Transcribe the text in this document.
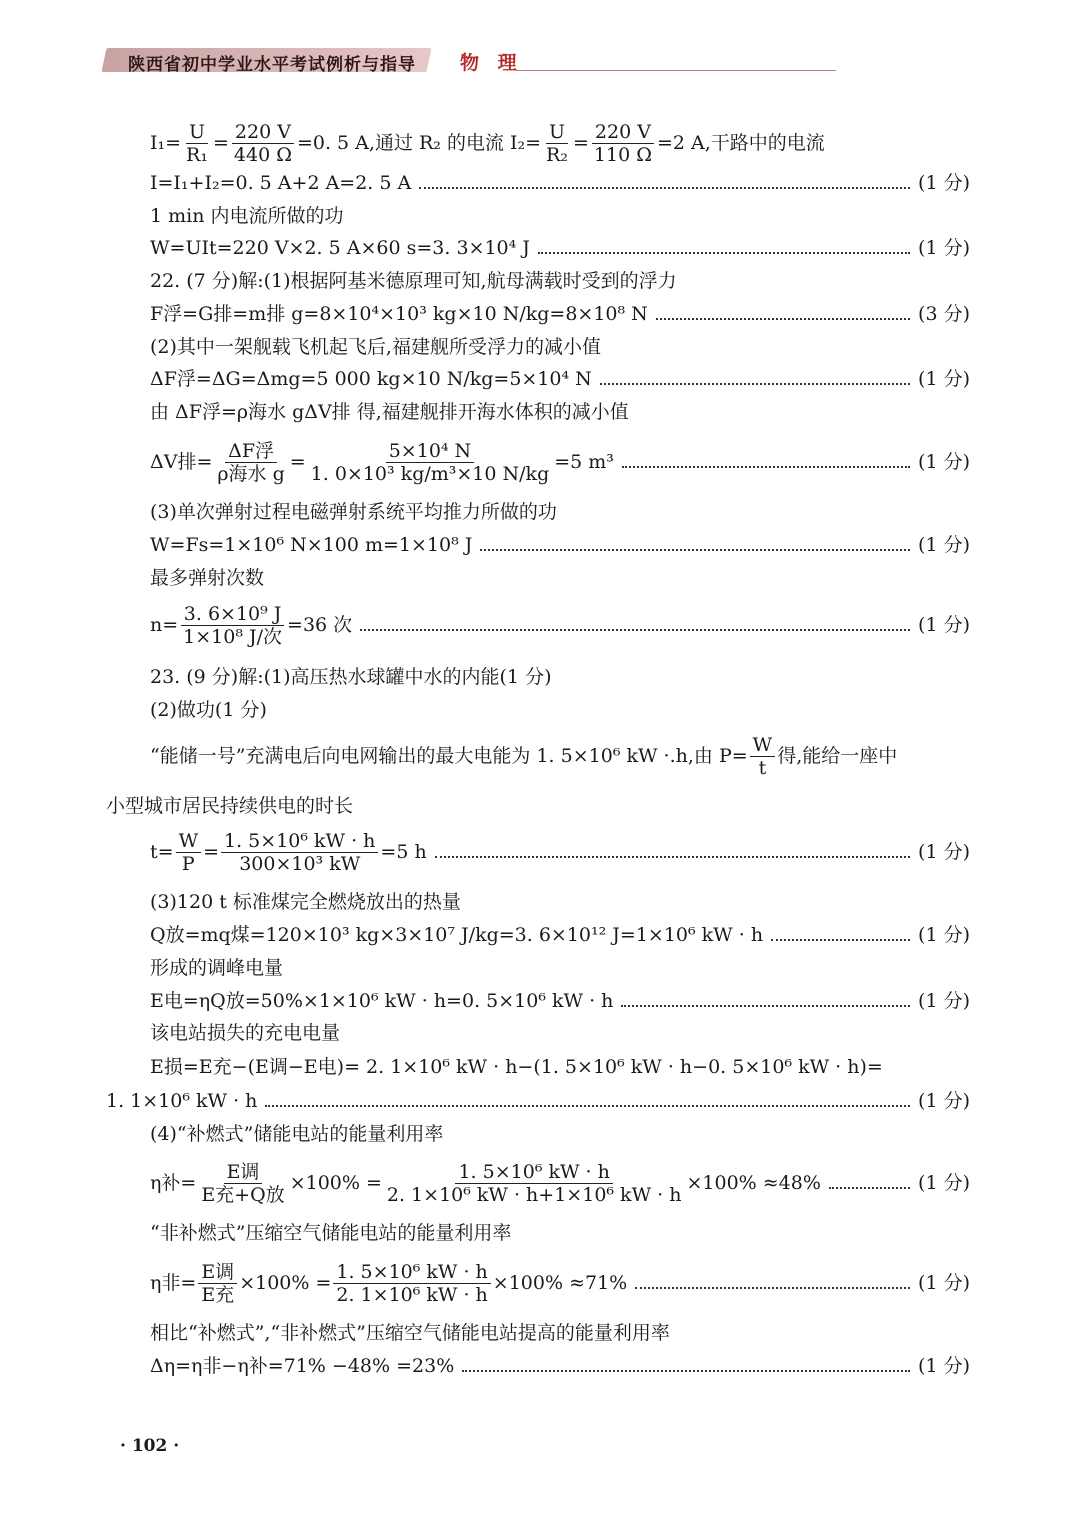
陕西省初中学业水平考试例析与指导 物 理
$I_1= \frac{U}{\text{R₁}} = \frac{220 V}{440 \Omega} =0$. 5 A,通过 R₂ 的电流 $I_2= \frac{U}{\text{R₂}} = \frac{220 V}{110 \Omega} =2$ A,干路中的电流
I=I₁+I₂=0. 5 A+2 A=2. 5 A	(1 分)
1 min 内电流所做的功
W=UIt=220 V×2. 5 A×60 s=3. 3×10⁴ J	(1 分)
22. (7 分)解:(1)根据阿基米德原理可知,航母满载时受到的浮力
F浮=G排=m排 g=8×10⁴×10³ kg×10 N/kg=8×10⁸ N	(3 分)
(2)其中一架舰载飞机起飞后,福建舰所受浮力的减小值
ΔF浮=ΔG=Δmg=5 000 kg×10 N/kg=5×10⁴ N	(1 分)
由 ΔF浮=ρ海水 gΔV排 得,福建舰排开海水体积的减小值
ΔV排= $\frac{\text{ΔF浮}}{\text{ρ海水 g}} = \frac{\text{5×10⁴ N}}{\text{1. 0×10³ kg/m³×10 N/kg}} =5$ m³	(1 分)
(3)单次弹射过程电磁弹射系统平均推力所做的功
W=Fs=1×10⁶ N×100 m=1×10⁸ J	(1 分)
最多弹射次数
$n= \frac{\text{3. 6×10⁹ J}}{\text{1×10⁸ J/次}} =36$ 次	(1 分)
23. (9 分)解:(1)高压热水球罐中水的内能(1 分)
(2)做功(1 分)
“能储一号”充满电后向电网输出的最大电能为 1. 5×10⁶ kW ·.h,由 $P= \frac{W}{t}$ 得,能给一座中
小型城市居民持续供电的时长
$t= \frac{W}{P} = \frac{\text{1. 5×10⁶ kW · h}}{\text{300×10³ kW}} =5$ h	(1 分)
(3)120 t 标准煤完全燃烧放出的热量
Q放=mq煤=120×10³ kg×3×10⁷ J/kg=3. 6×10¹² J=1×10⁶ kW · h	(1 分)
形成的调峰电量
E电=ηQ放=50%×1×10⁶ kW · h=0. 5×10⁶ kW · h	(1 分)
该电站损失的充电电量
E损=E充−(E调−E电)= 2. 1×10⁶ kW · h−(1. 5×10⁶ kW · h−0. 5×10⁶ kW · h)=
1. 1×10⁶ kW · h	(1 分)
(4)“补燃式”储能电站的能量利用率
η补= $\frac{\text{E调}}{\text{E充+Q放}} \times 100\% = \frac{\text{1. 5×10⁶ kW · h}}{\text{2. 1×10⁶ kW · h+1×10⁶ kW · h}} \times 100\% \approx 48\%$	(1 分)
“非补燃式”压缩空气储能电站的能量利用率
η非= $\frac{\text{E调}}{\text{E充}} \times 100\% = \frac{\text{1. 5×10⁶ kW · h}}{\text{2. 1×10⁶ kW · h}} \times 100\% \approx 71\%$	(1 分)
相比“补燃式”,“非补燃式”压缩空气储能电站提高的能量利用率
Δη=η非−η补=71% −48% =23%	(1 分)
· 102 ·
